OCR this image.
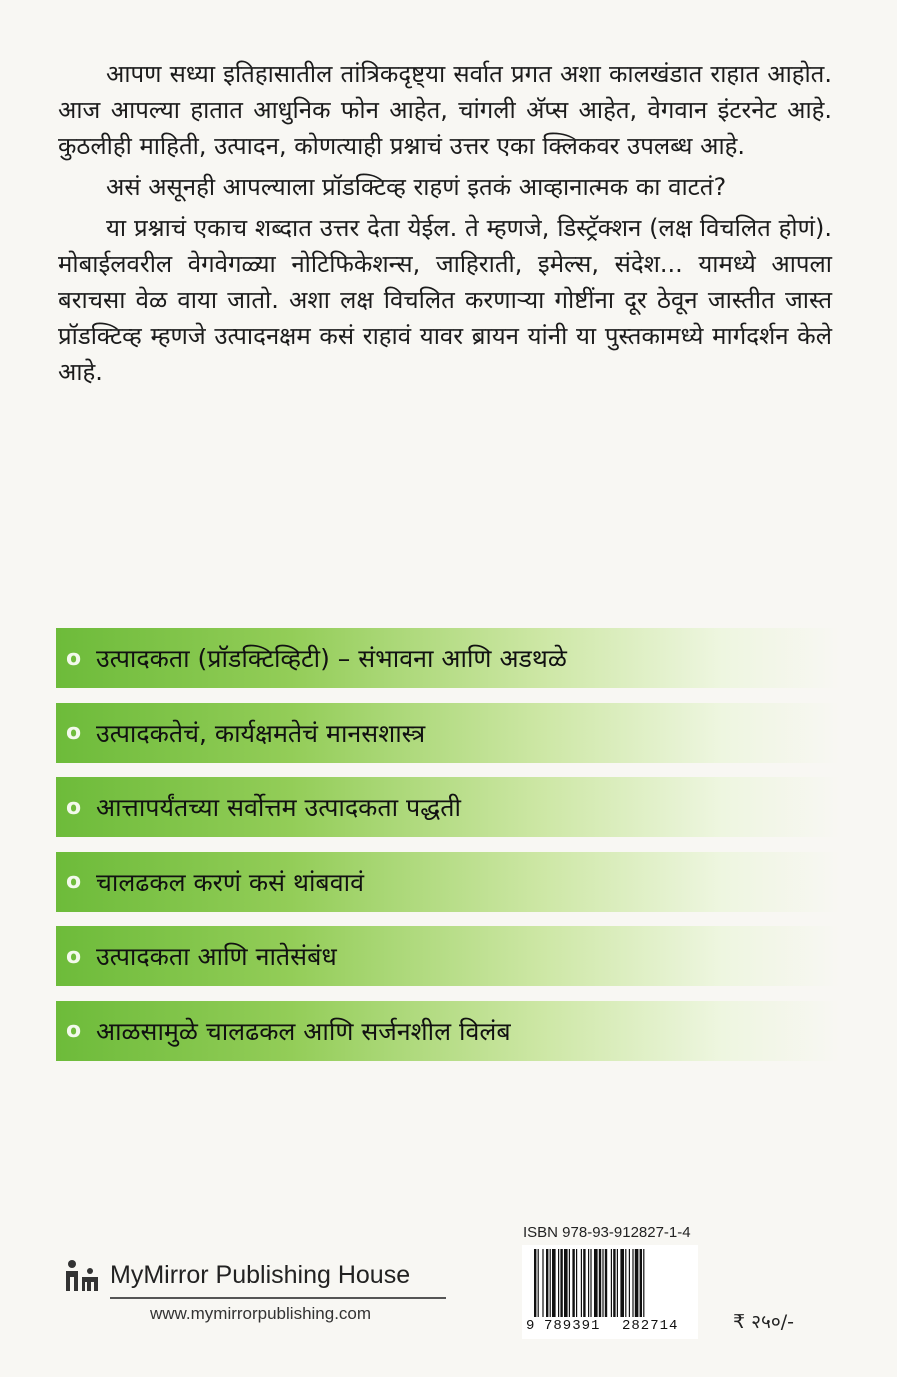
आपण सध्या इतिहासातील तांत्रिकदृष्ट्या सर्वात प्रगत अशा कालखंडात राहात आहोत. आज आपल्या हातात आधुनिक फोन आहेत, चांगली अ‍ॅप्स आहेत, वेगवान इंटरनेट आहे. कुठलीही माहिती, उत्पादन, कोणत्याही प्रश्नाचं उत्तर एका क्लिकवर उपलब्ध आहे.

असं असूनही आपल्याला प्रॉडक्टिव्ह राहणं इतकं आव्हानात्मक का वाटतं?

या प्रश्नाचं एकाच शब्दात उत्तर देता येईल. ते म्हणजे, डिस्ट्रॅक्शन (लक्ष विचलित होणं). मोबाईलवरील वेगवेगळ्या नोटिफिकेशन्स, जाहिराती, इमेल्स, संदेश... यामध्ये आपला बराचसा वेळ वाया जातो. अशा लक्ष विचलित करणाऱ्या गोष्टींना दूर ठेवून जास्तीत जास्त प्रॉडक्टिव्ह म्हणजे उत्पादनक्षम कसं राहावं यावर ब्रायन यांनी या पुस्तकामध्ये मार्गदर्शन केले आहे.

o उत्पादकता (प्रॉडक्टिव्हिटी) – संभावना आणि अडथळे
o उत्पादकतेचं, कार्यक्षमतेचं मानसशास्त्र
o आत्तापर्यंतच्या सर्वोत्तम उत्पादकता पद्धती
o चालढकल करणं कसं थांबवावं
o उत्पादकता आणि नातेसंबंध
o आळसामुळे चालढकल आणि सर्जनशील विलंब
MyMirror Publishing House
www.mymirrorpublishing.com
ISBN 978-93-912827-1-4
9 789391	282714	₹ २५०/-
